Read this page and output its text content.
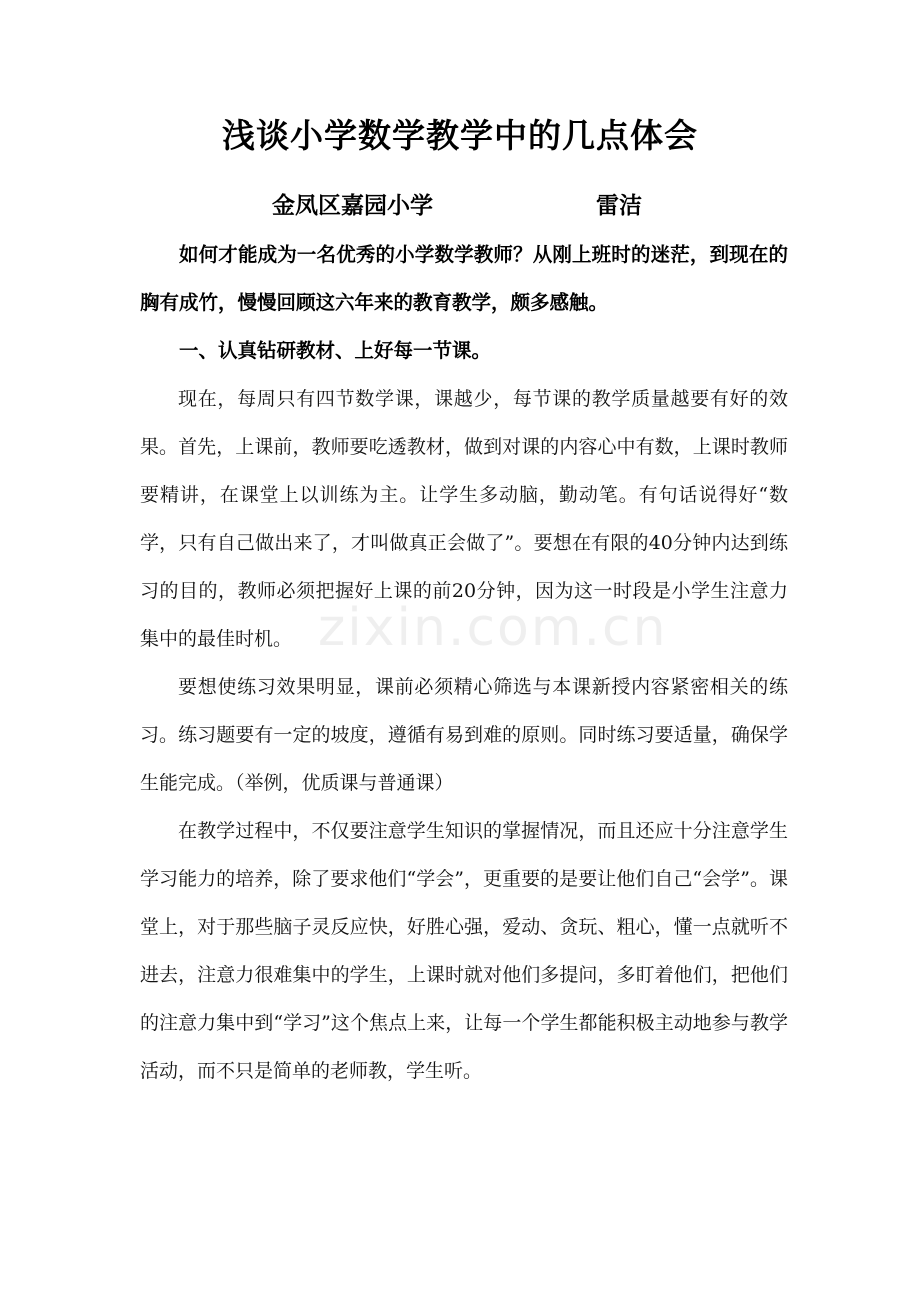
浅谈小学数学教学中的几点体会
金凤区嘉园小学	雷洁

如何才能成为一名优秀的小学数学教师？从刚上班时的迷茫，到现在的胸有成竹，慢慢回顾这六年来的教育教学，颇多感触。

一、认真钻研教材、上好每一节课。

现在，每周只有四节数学课，课越少，每节课的教学质量越要有好的效果。首先，上课前，教师要吃透教材，做到对课的内容心中有数，上课时教师要精讲，在课堂上以训练为主。让学生多动脑，勤动笔。有句话说得好“数学，只有自己做出来了，才叫做真正会做了”。要想在有限的40分钟内达到练习的目的，教师必须把握好上课的前20分钟，因为这一时段是小学生注意力集中的最佳时机。

要想使练习效果明显，课前必须精心筛选与本课新授内容紧密相关的练习。练习题要有一定的坡度，遵循有易到难的原则。同时练习要适量，确保学生能完成。（举例，优质课与普通课）

在教学过程中，不仅要注意学生知识的掌握情况，而且还应十分注意学生学习能力的培养，除了要求他们“学会”，更重要的是要让他们自己“会学”。课堂上，对于那些脑子灵反应快，好胜心强，爱动、贪玩、粗心，懂一点就听不进去，注意力很难集中的学生，上课时就对他们多提问，多盯着他们，把他们的注意力集中到“学习”这个焦点上来，让每一个学生都能积极主动地参与教学活动，而不只是简单的老师教，学生听。

zixin.com.cn
